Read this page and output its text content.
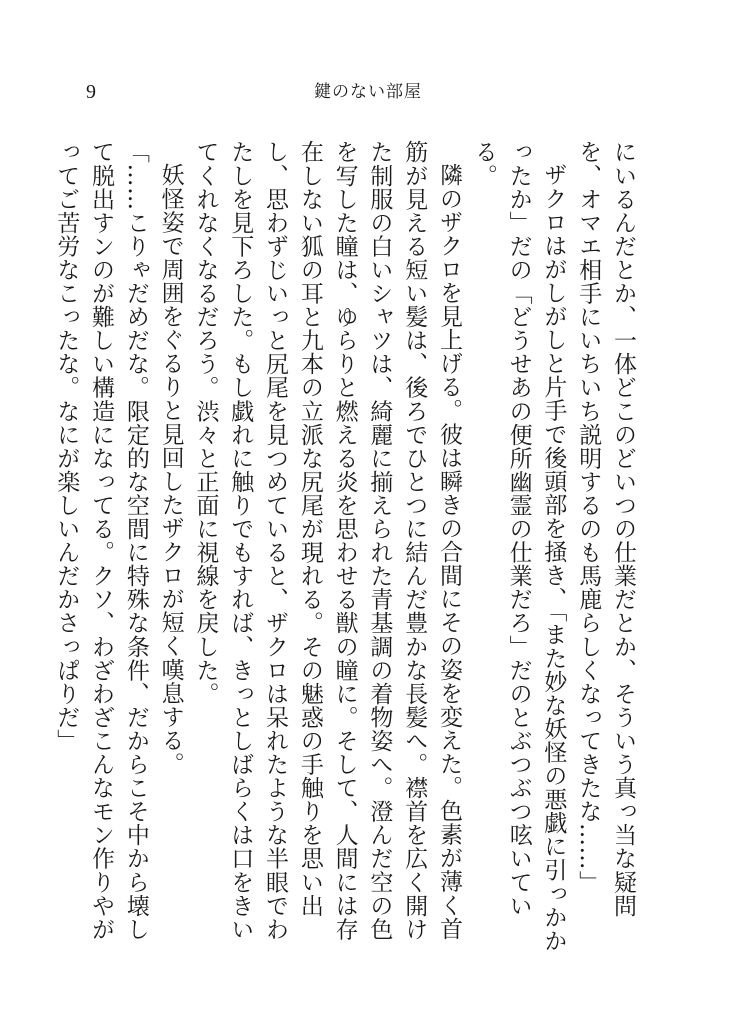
9	鍵のない部屋

にいるんだとか、一体どこのどいつの仕業だとか、そういう真っ当な疑問を、オマエ相手にいちいち説明するのも馬鹿らしくなってきたな……」

ザクロはがしがしと片手で後頭部を掻き、「また妙な妖怪の悪戯に引っかかったか」だの「どうせあの便所幽霊の仕業だろ」だのとぶつぶつ呟いている。

隣のザクロを見上げる。彼は瞬きの合間にその姿を変えた。色素が薄く首筋が見える短い髪は、後ろでひとつに結んだ豊かな長髪へ。襟首を広く開けた制服の白いシャツは、綺麗に揃えられた青基調の着物姿へ。澄んだ空の色を写した瞳は、ゆらりと燃える炎を思わせる獣の瞳に。そして、人間には存在しない狐の耳と九本の立派な尻尾が現れる。その魅惑の手触りを思い出し、思わずじいっと尻尾を見つめていると、ザクロは呆れたような半眼でわたしを見下ろした。もし戯れに触りでもすれば、きっとしばらくは口をきいてくれなくなるだろう。渋々と正面に視線を戻した。

妖怪姿で周囲をぐるりと見回したザクロが短く嘆息する。

「……こりゃだめだな。限定的な空間に特殊な条件、だからこそ中から壊して脱出すンのが難しい構造になってる。クソ、わざわざこんなモン作りやがってご苦労なこったな。なにが楽しいんだかさっぱりだ」
